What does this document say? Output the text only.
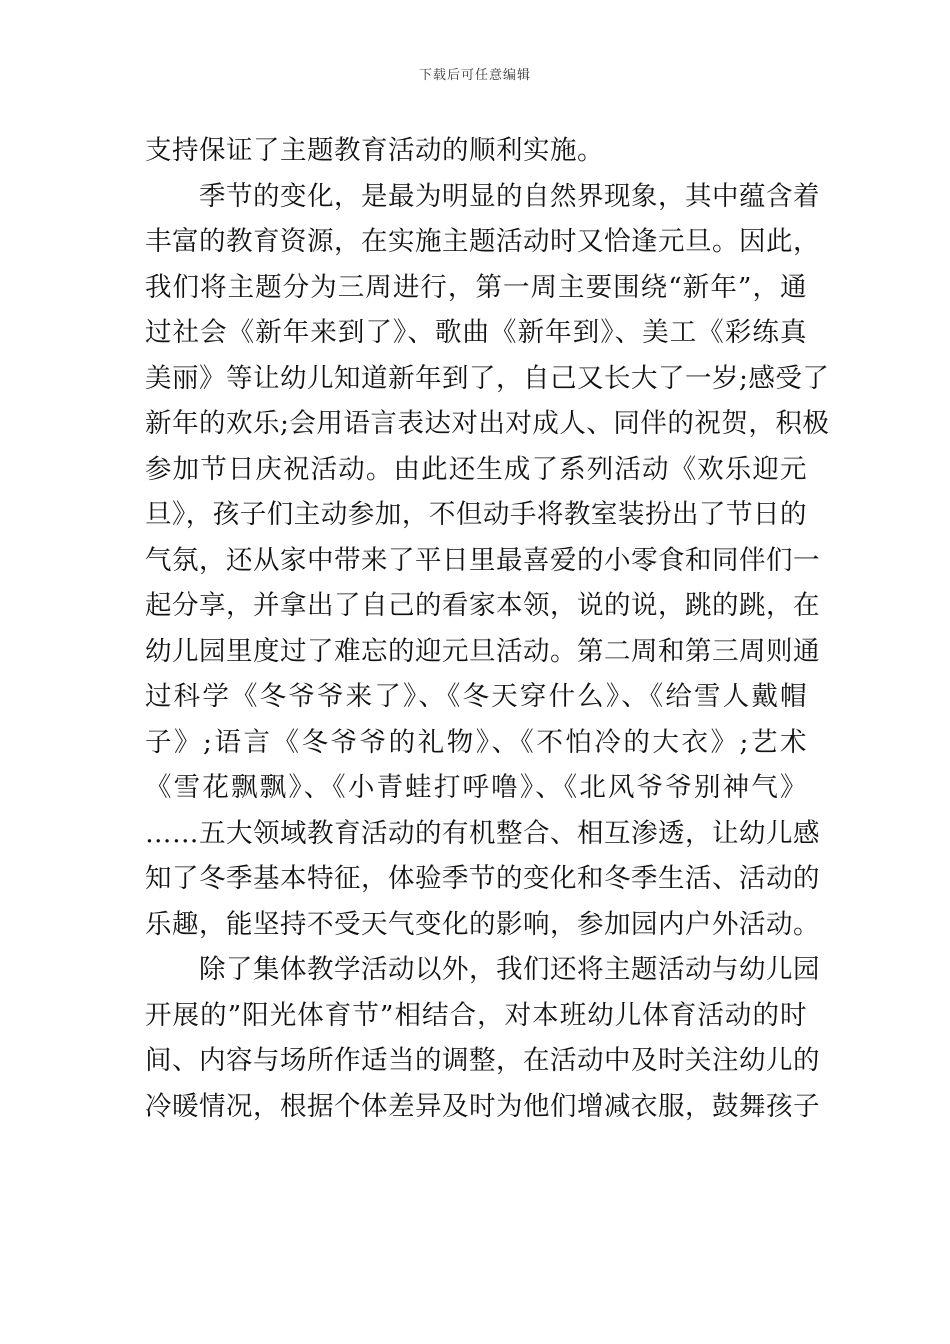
下载后可任意编辑
支持保证了主题教育活动的顺利实施。
季节的变化，是最为明显的自然界现象，其中蕴含着
丰富的教育资源，在实施主题活动时又恰逢元旦。因此，
我们将主题分为三周进行，第一周主要围绕“新年”，通
过社会《新年来到了》、歌曲《新年到》、美工《彩练真
美丽》等让幼儿知道新年到了，自己又长大了一岁;感受了
新年的欢乐;会用语言表达对出对成人、同伴的祝贺，积极
参加节日庆祝活动。由此还生成了系列活动《欢乐迎元
旦》，孩子们主动参加，不但动手将教室装扮出了节日的
气氛，还从家中带来了平日里最喜爱的小零食和同伴们一
起分享，并拿出了自己的看家本领，说的说，跳的跳，在
幼儿园里度过了难忘的迎元旦活动。第二周和第三周则通
过科学《冬爷爷来了》、《冬天穿什么》、《给雪人戴帽
子》;语言《冬爷爷的礼物》、《不怕冷的大衣》;艺术
《雪花飘飘》、《小青蛙打呼噜》、《北风爷爷别神气》
……五大领域教育活动的有机整合、相互渗透，让幼儿感
知了冬季基本特征，体验季节的变化和冬季生活、活动的
乐趣，能坚持不受天气变化的影响，参加园内户外活动。
除了集体教学活动以外，我们还将主题活动与幼儿园
开展的”阳光体育节”相结合，对本班幼儿体育活动的时
间、内容与场所作适当的调整，在活动中及时关注幼儿的
冷暖情况，根据个体差异及时为他们增减衣服，鼓舞孩子
